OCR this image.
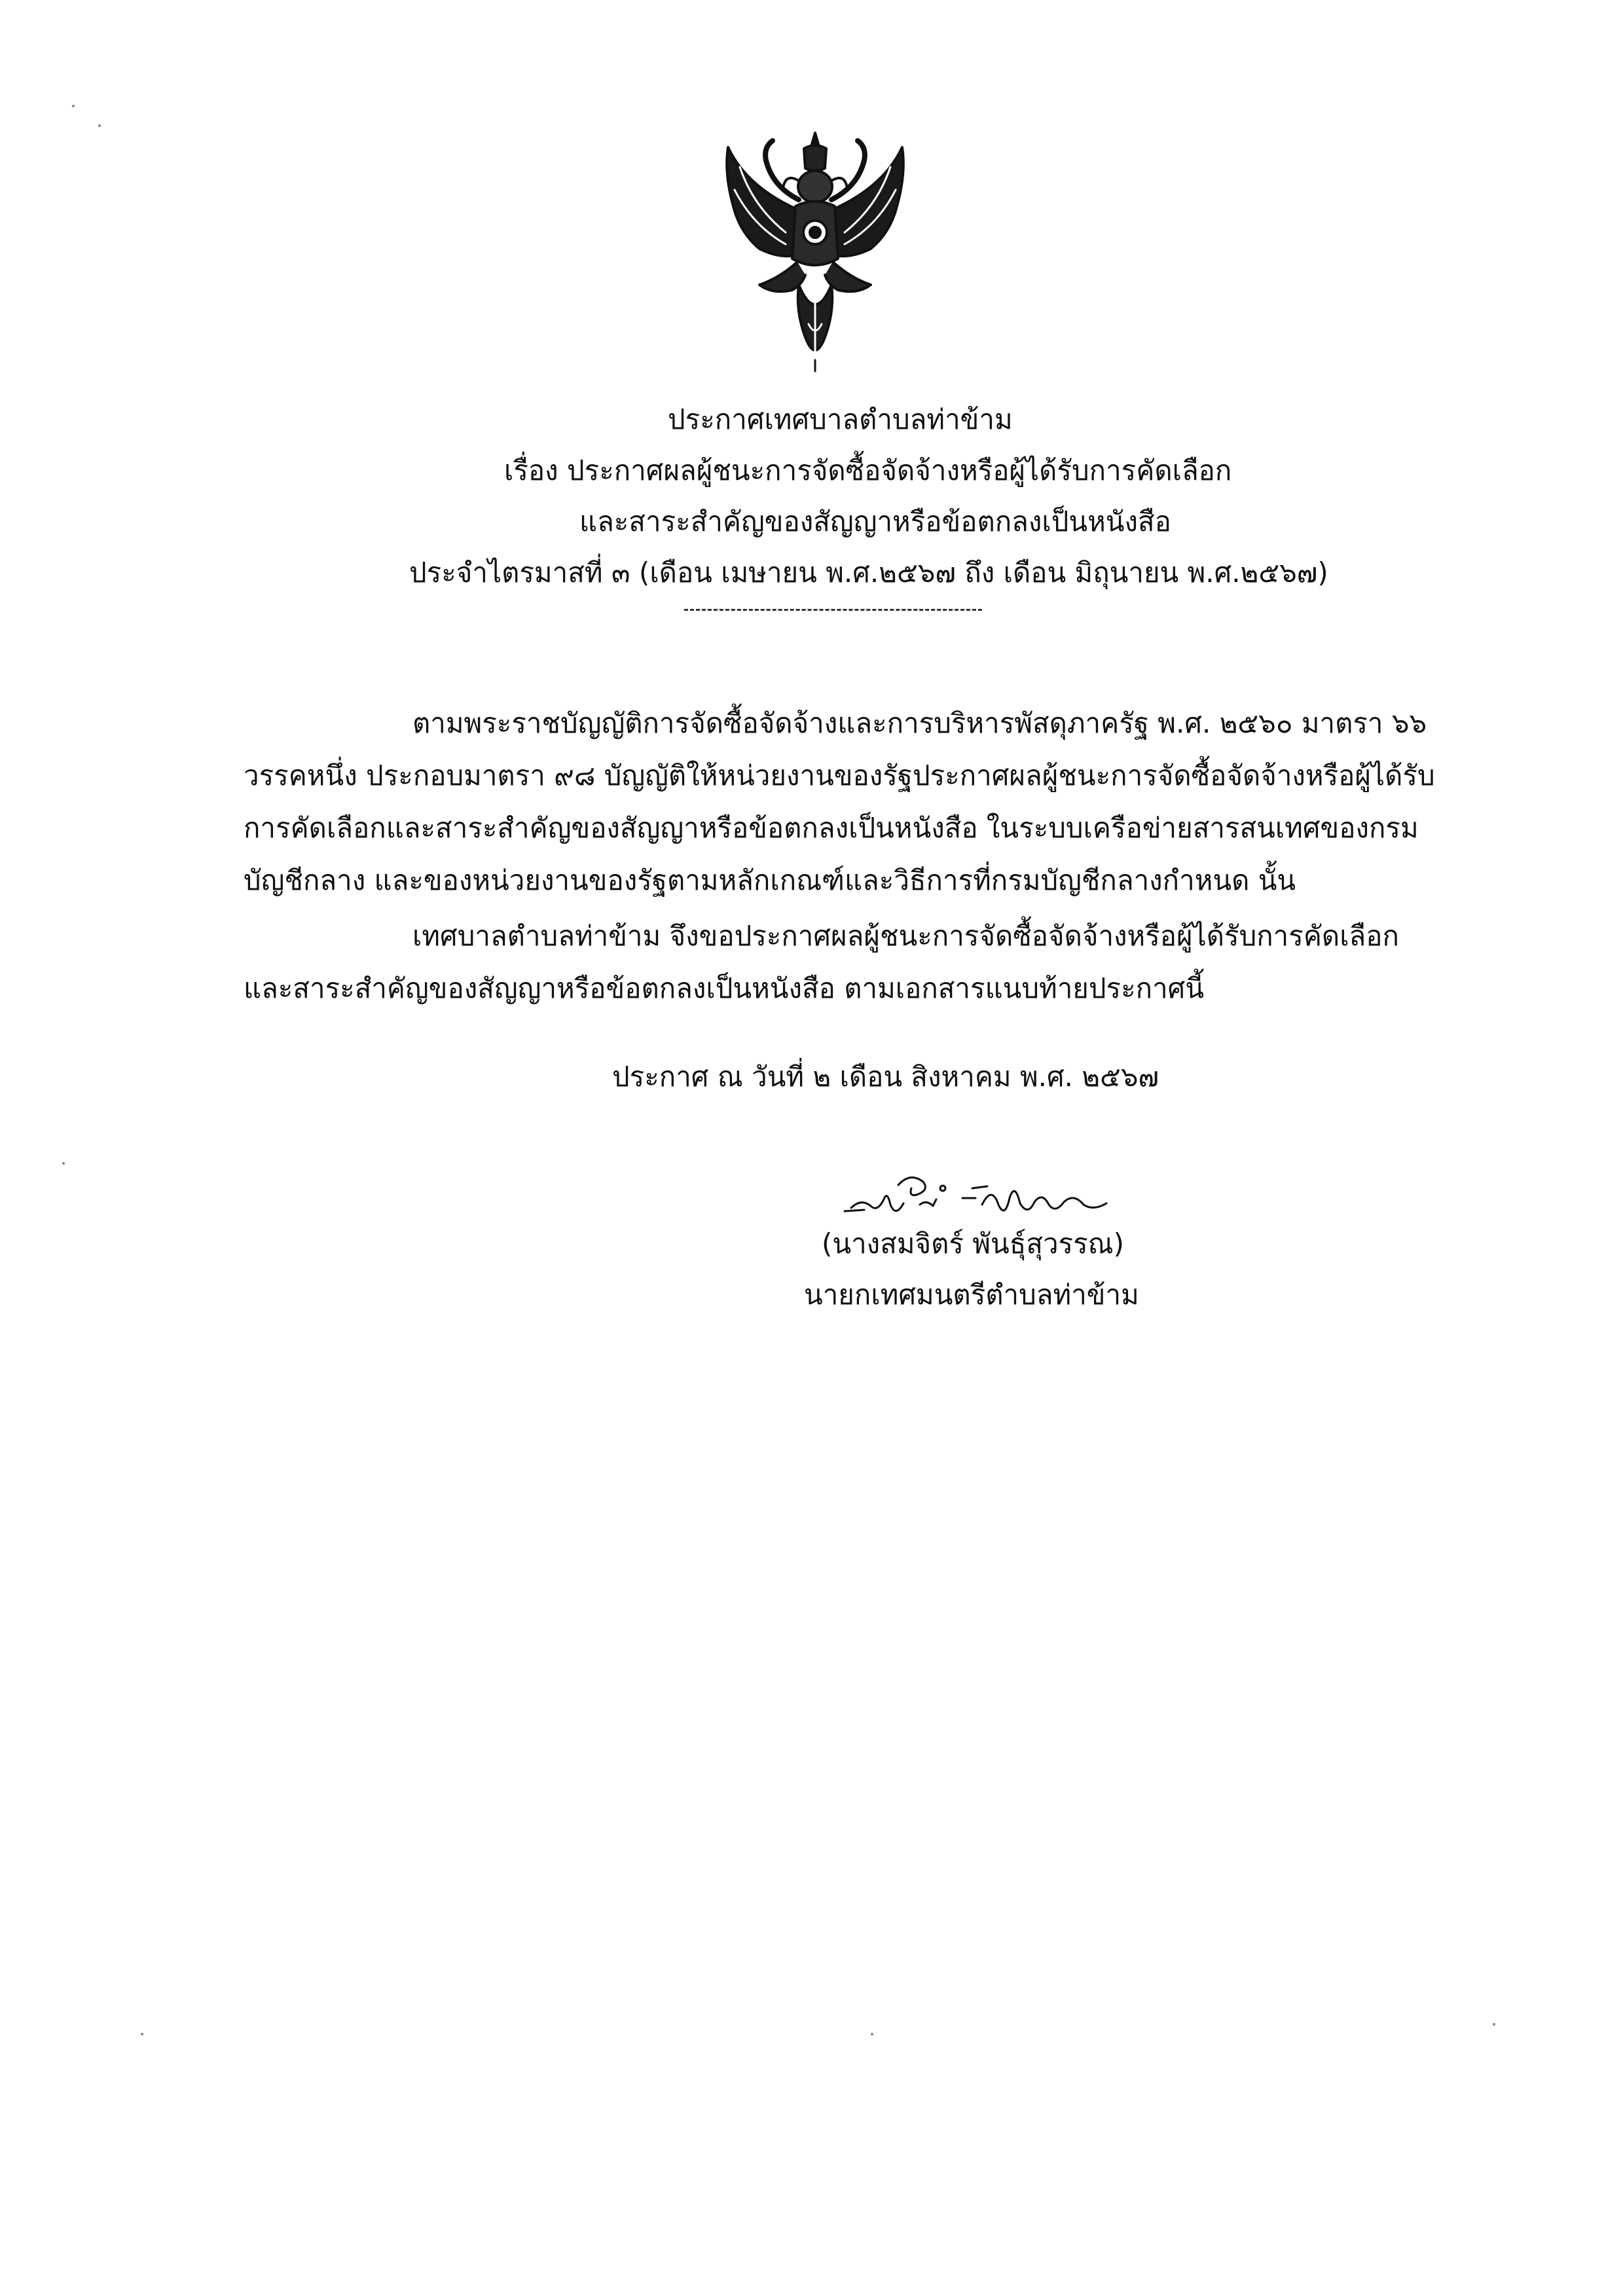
ประกาศเทศบาลตำบลท่าข้าม
เรื่อง ประกาศผลผู้ชนะการจัดซื้อจัดจ้างหรือผู้ได้รับการคัดเลือก
และสาระสำคัญของสัญญาหรือข้อตกลงเป็นหนังสือ
ประจำไตรมาสที่ ๓ (เดือน เมษายน พ.ศ.๒๕๖๗ ถึง เดือน มิถุนายน พ.ศ.๒๕๖๗)
ตามพระราชบัญญัติการจัดซื้อจัดจ้างและการบริหารพัสดุภาครัฐ พ.ศ. ๒๕๖๐ มาตรา ๖๖ วรรคหนึ่ง ประกอบมาตรา ๙๘ บัญญัติให้หน่วยงานของรัฐประกาศผลผู้ชนะการจัดซื้อจัดจ้างหรือผู้ได้รับการคัดเลือกและสาระสำคัญของสัญญาหรือข้อตกลงเป็นหนังสือ ในระบบเครือข่ายสารสนเทศของกรมบัญชีกลาง และของหน่วยงานของรัฐตามหลักเกณฑ์และวิธีการที่กรมบัญชีกลางกำหนด นั้น
เทศบาลตำบลท่าข้าม จึงขอประกาศผลผู้ชนะการจัดซื้อจัดจ้างหรือผู้ได้รับการคัดเลือกและสาระสำคัญของสัญญาหรือข้อตกลงเป็นหนังสือ ตามเอกสารแนบท้ายประกาศนี้
ประกาศ ณ วันที่ ๒ เดือน สิงหาคม พ.ศ. ๒๕๖๗
(นางสมจิตร์ พันธุ์สุวรรณ)
นายกเทศมนตรีตำบลท่าข้าม
